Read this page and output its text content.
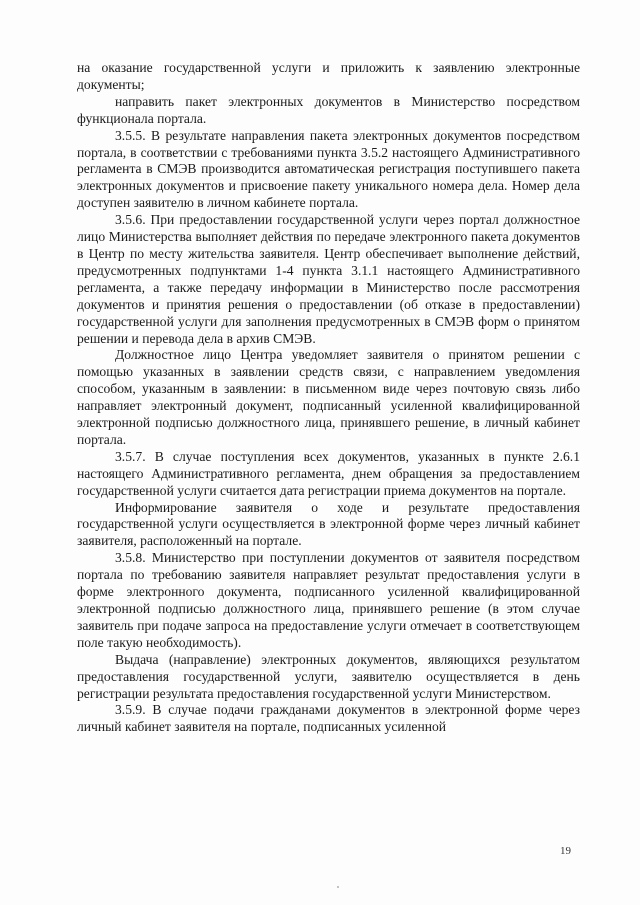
на оказание государственной услуги и приложить к заявлению электронные документы;

направить пакет электронных документов в Министерство посредством функционала портала.

3.5.5. В результате направления пакета электронных документов посредством портала, в соответствии с требованиями пункта 3.5.2 настоящего Административного регламента в СМЭВ производится автоматическая регистрация поступившего пакета электронных документов и присвоение пакету уникального номера дела. Номер дела доступен заявителю в личном кабинете портала.

3.5.6. При предоставлении государственной услуги через портал должностное лицо Министерства выполняет действия по передаче электронного пакета документов в Центр по месту жительства заявителя. Центр обеспечивает выполнение действий, предусмотренных подпунктами 1-4 пункта 3.1.1 настоящего Административного регламента, а также передачу информации в Министерство после рассмотрения документов и принятия решения о предоставлении (об отказе в предоставлении) государственной услуги для заполнения предусмотренных в СМЭВ форм о принятом решении и перевода дела в архив СМЭВ.

Должностное лицо Центра уведомляет заявителя о принятом решении с помощью указанных в заявлении средств связи, с направлением уведомления способом, указанным в заявлении: в письменном виде через почтовую связь либо направляет электронный документ, подписанный усиленной квалифицированной электронной подписью должностного лица, принявшего решение, в личный кабинет портала.

3.5.7. В случае поступления всех документов, указанных в пункте 2.6.1 настоящего Административного регламента, днем обращения за предоставлением государственной услуги считается дата регистрации приема документов на портале.

Информирование заявителя о ходе и результате предоставления государственной услуги осуществляется в электронной форме через личный кабинет заявителя, расположенный на портале.

3.5.8. Министерство при поступлении документов от заявителя посредством портала по требованию заявителя направляет результат предоставления услуги в форме электронного документа, подписанного усиленной квалифицированной электронной подписью должностного лица, принявшего решение (в этом случае заявитель при подаче запроса на предоставление услуги отмечает в соответствующем поле такую необходимость).

Выдача (направление) электронных документов, являющихся результатом предоставления государственной услуги, заявителю осуществляется в день регистрации результата предоставления государственной услуги Министерством.

3.5.9. В случае подачи гражданами документов в электронной форме через личный кабинет заявителя на портале, подписанных усиленной

19
